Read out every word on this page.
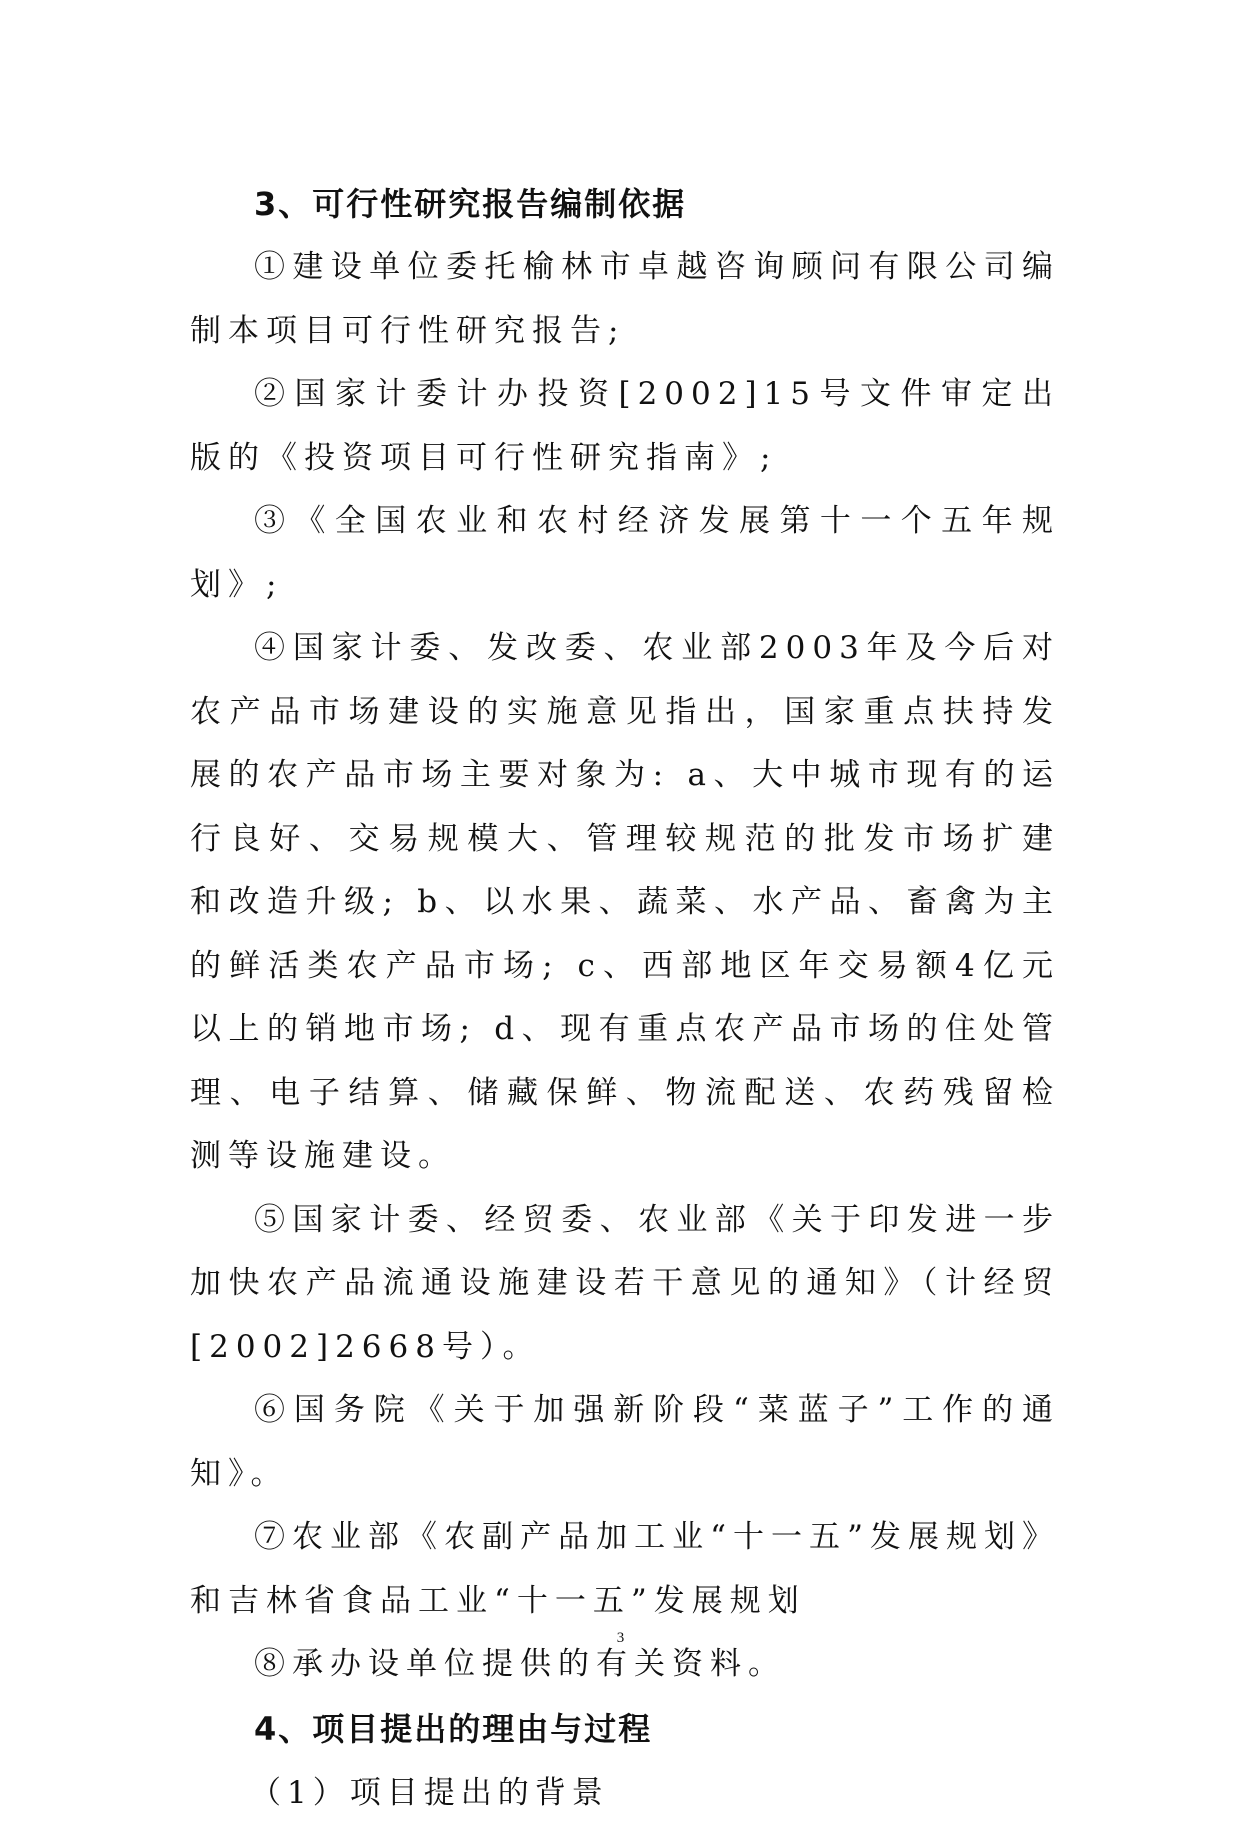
3、可行性研究报告编制依据

①建设单位委托榆林市卓越咨询顾问有限公司编制本项目可行性研究报告;

②国家计委计办投资[2002]15号文件审定出版的《投资项目可行性研究指南》;

③《全国农业和农村经济发展第十一个五年规划》;

④国家计委、发改委、农业部2003年及今后对农产品市场建设的实施意见指出，国家重点扶持发展的农产品市场主要对象为: a、大中城市现有的运行良好、交易规模大、管理较规范的批发市场扩建和改造升级; b、以水果、蔬菜、水产品、畜禽为主的鲜活类农产品市场; c、西部地区年交易额4亿元以上的销地市场; d、现有重点农产品市场的住处管理、电子结算、储藏保鲜、物流配送、农药残留检测等设施建设。

⑤国家计委、经贸委、农业部《关于印发进一步加快农产品流通设施建设若干意见的通知》（计经贸[2002]2668号）。

⑥国务院《关于加强新阶段“菜蓝子”工作的通知》。

⑦农业部《农副产品加工业“十一五”发展规划》和吉林省食品工业“十一五”发展规划

⑧承办设单位提供的有关资料。

4、项目提出的理由与过程
（1）项目提出的背景
3
